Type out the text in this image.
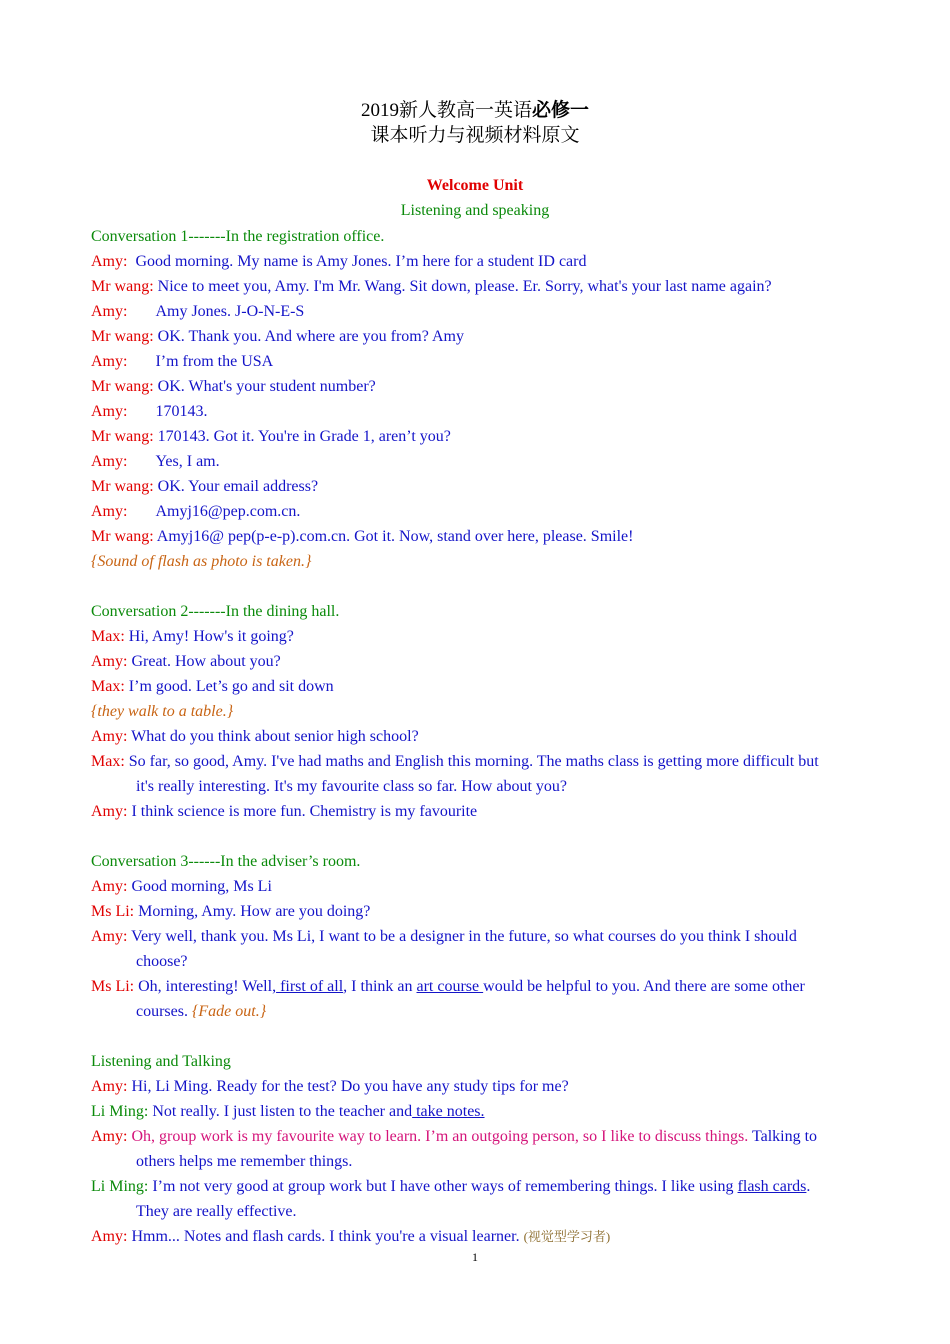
2019新人教高一英语必修一
课本听力与视频材料原文
Welcome Unit
Listening and speaking
Conversation 1-------In the registration office.
Amy: Good morning. My name is Amy Jones. I’m here for a student ID card
Mr wang: Nice to meet you, Amy. I'm Mr. Wang. Sit down, please. Er. Sorry, what's your last name again?
Amy: Amy Jones. J-O-N-E-S
Mr wang: OK. Thank you. And where are you from? Amy
Amy: I’m from the USA
Mr wang: OK. What's your student number?
Amy: 170143.
Mr wang: 170143. Got it. You're in Grade 1, aren’t you?
Amy: Yes, I am.
Mr wang: OK. Your email address?
Amy: Amyj16@pep.com.cn.
Mr wang: Amyj16@ pep(p-e-p).com.cn. Got it. Now, stand over here, please. Smile!
{Sound of flash as photo is taken.}
Conversation 2-------In the dining hall.
Max: Hi, Amy! How's it going?
Amy: Great. How about you?
Max: I’m good. Let’s go and sit down
{they walk to a table.}
Amy: What do you think about senior high school?
Max: So far, so good, Amy. I've had maths and English this morning. The maths class is getting more difficult but
it's really interesting. It's my favourite class so far. How about you?
Amy: I think science is more fun. Chemistry is my favourite
Conversation 3------In the adviser’s room.
Amy: Good morning, Ms Li
Ms Li: Morning, Amy. How are you doing?
Amy: Very well, thank you. Ms Li, I want to be a designer in the future, so what courses do you think I should
choose?
Ms Li: Oh, interesting! Well, first of all, I think an art course would be helpful to you. And there are some other
courses. {Fade out.}
Listening and Talking
Amy: Hi, Li Ming. Ready for the test? Do you have any study tips for me?
Li Ming: Not really. I just listen to the teacher and take notes.
Amy: Oh, group work is my favourite way to learn. I’m an outgoing person, so I like to discuss things. Talking to
others helps me remember things.
Li Ming: I’m not very good at group work but I have other ways of remembering things. I like using flash cards.
They are really effective.
Amy: Hmm... Notes and flash cards. I think you're a visual learner. (视觉型学习者)
1
